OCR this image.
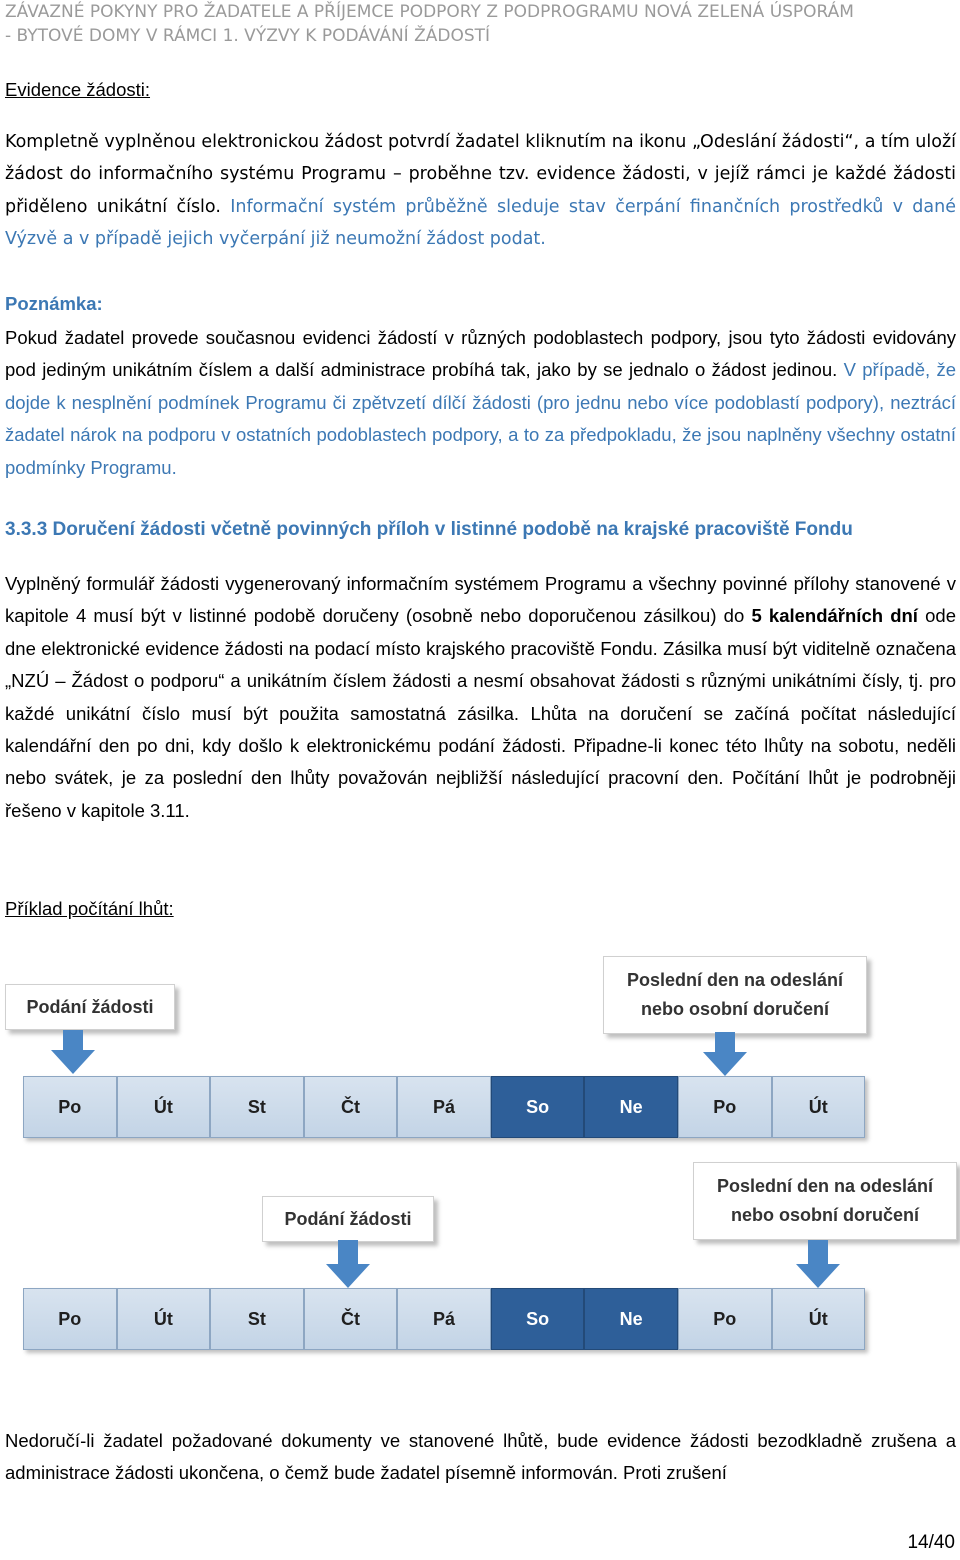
ZÁVAZNÉ POKYNY PRO ŽADATELE A PŘÍJEMCE PODPORY Z PODPROGRAMU NOVÁ ZELENÁ ÚSPORÁM
- BYTOVÉ DOMY V RÁMCI 1. VÝZVY K PODÁVÁNÍ ŽÁDOSTÍ
Evidence žádosti:
Kompletně vyplněnou elektronickou žádost potvrdí žadatel kliknutím na ikonu „Odeslání žádosti“, a tím uloží žádost do informačního systému Programu – proběhne tzv. evidence žádosti, v jejíž rámci je každé žádosti přiděleno unikátní číslo. Informační systém průběžně sleduje stav čerpání finančních prostředků v dané Výzvě a v případě jejich vyčerpání již neumožní žádost podat.
Poznámka:
Pokud žadatel provede současnou evidenci žádostí v různých podoblastech podpory, jsou tyto žádosti evidovány pod jediným unikátním číslem a další administrace probíhá tak, jako by se jednalo o žádost jedinou. V případě, že dojde k nesplnění podmínek Programu či zpětvzetí dílčí žádosti (pro jednu nebo více podoblastí podpory), neztrácí žadatel nárok na podporu v ostatních podoblastech podpory, a to za předpokladu, že jsou naplněny všechny ostatní podmínky Programu.
3.3.3 Doručení žádosti včetně povinných příloh v listinné podobě na krajské pracoviště Fondu
Vyplněný formulář žádosti vygenerovaný informačním systémem Programu a všechny povinné přílohy stanovené v kapitole 4 musí být v listinné podobě doručeny (osobně nebo doporučenou zásilkou) do 5 kalendářních dní ode dne elektronické evidence žádosti na podací místo krajského pracoviště Fondu. Zásilka musí být viditelně označena „NZÚ – Žádost o podporu“ a unikátním číslem žádosti a nesmí obsahovat žádosti s různými unikátními čísly, tj. pro každé unikátní číslo musí být použita samostatná zásilka. Lhůta na doručení se začíná počítat následující kalendářní den po dni, kdy došlo k elektronickému podání žádosti. Připadne-li konec této lhůty na sobotu, neděli nebo svátek, je za poslední den lhůty považován nejbližší následující pracovní den. Počítání lhůt je podrobněji řešeno v kapitole 3.11.
Příklad počítání lhůt:
Podání žádosti
Poslední den na odeslání
nebo osobní doručení
Po	Út	St	Čt	Pá	So	Ne	Po	Út
Podání žádosti
Poslední den na odeslání
nebo osobní doručení
Po	Út	St	Čt	Pá	So	Ne	Po	Út
Nedoručí-li žadatel požadované dokumenty ve stanovené lhůtě, bude evidence žádosti bezodkladně zrušena a administrace žádosti ukončena, o čemž bude žadatel písemně informován. Proti zrušení
14/40
